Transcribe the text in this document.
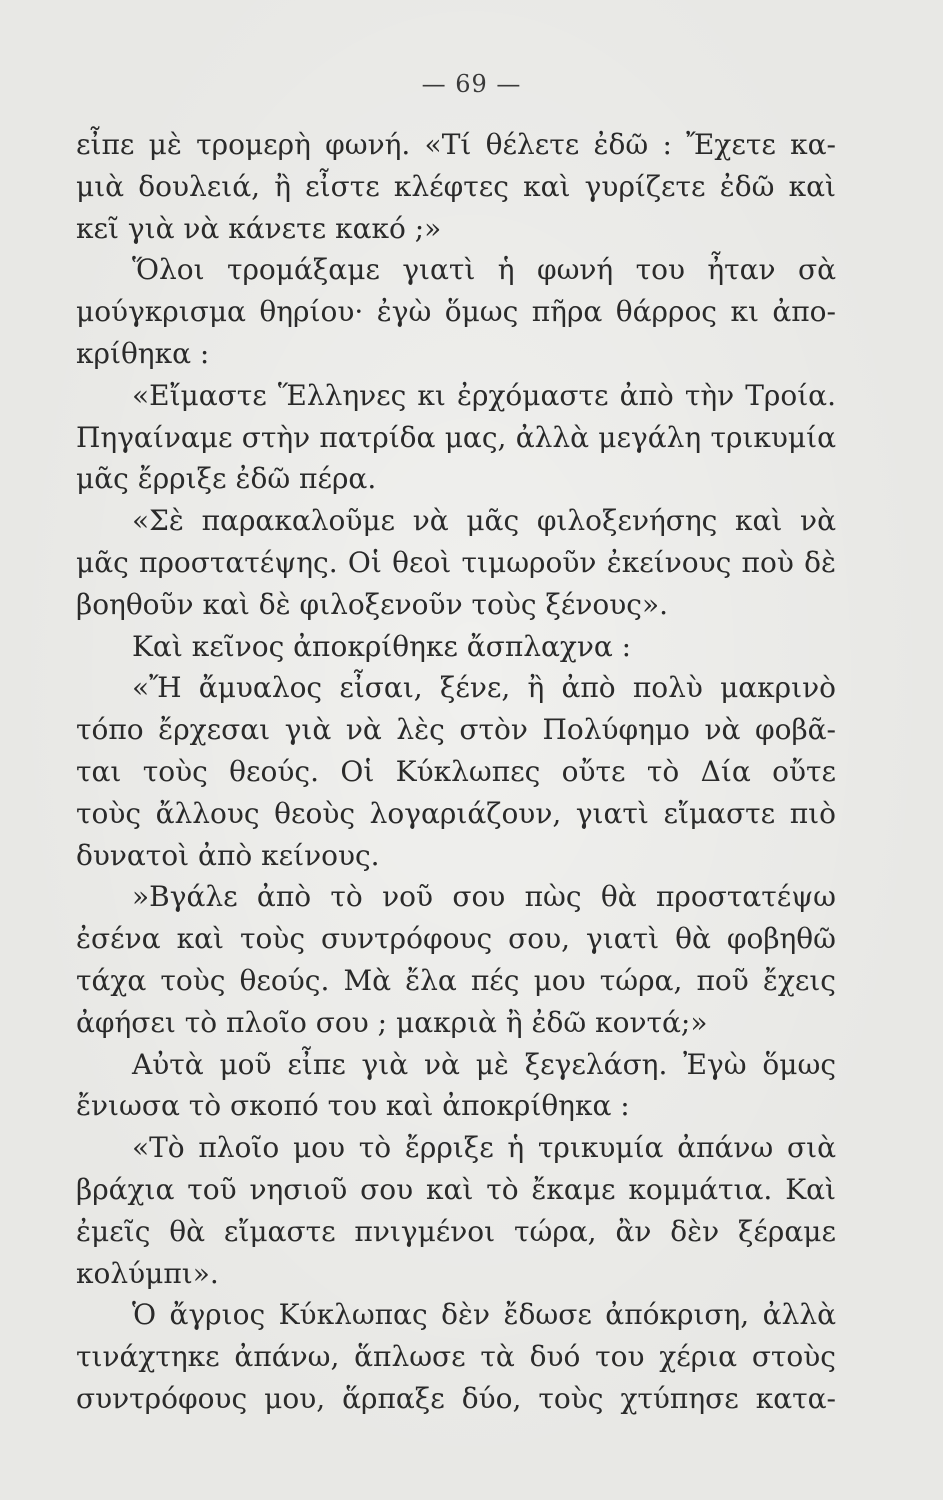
— 69 —
εἶπε μὲ τρομερὴ φωνή. «Τί θέλετε ἐδῶ : Ἔχετε κα-
μιὰ δουλειά, ἢ εἶστε κλέφτες καὶ γυρίζετε ἐδῶ καὶ
κεῖ γιὰ νὰ κάνετε κακό ;»
Ὅλοι τρομάξαμε γιατὶ ἡ φωνή του ἦταν σὰ
μούγκρισμα θηρίου· ἐγὼ ὅμως πῆρα θάρρος κι ἀπο-
κρίθηκα :
«Εἴμαστε Ἕλληνες κι ἐρχόμαστε ἀπὸ τὴν Τροία.
Πηγαίναμε στὴν πατρίδα μας, ἀλλὰ μεγάλη τρικυμία
μᾶς ἔρριξε ἐδῶ πέρα.
«Σὲ παρακαλοῦμε νὰ μᾶς φιλοξενήσης καὶ νὰ
μᾶς προστατέψης. Οἱ θεοὶ τιμωροῦν ἐκείνους ποὺ δὲ
βοηθοῦν καὶ δὲ φιλοξενοῦν τοὺς ξένους».
Καὶ κεῖνος ἀποκρίθηκε ἄσπλαχνα :
«Ἤ ἄμυαλος εἶσαι, ξένε, ἢ ἀπὸ πολὺ μακρινὸ
τόπο ἔρχεσαι γιὰ νὰ λὲς στὸν Πολύφημο νὰ φοβᾶ-
ται τοὺς θεούς. Οἱ Κύκλωπες οὔτε τὸ Δία οὔτε
τοὺς ἄλλους θεοὺς λογαριάζουν, γιατὶ εἴμαστε πιὸ
δυνατοὶ ἀπὸ κείνους.
»Βγάλε ἀπὸ τὸ νοῦ σου πὼς θὰ προστατέψω
ἐσένα καὶ τοὺς συντρόφους σου, γιατὶ θὰ φοβηθῶ
τάχα τοὺς θεούς. Μὰ ἔλα πές μου τώρα, ποῦ ἔχεις
ἀφήσει τὸ πλοῖο σου ; μακριὰ ἢ ἐδῶ κοντά;»
Αὐτὰ μοῦ εἶπε γιὰ νὰ μὲ ξεγελάση. Ἐγὼ ὅμως
ἔνιωσα τὸ σκοπό του καὶ ἀποκρίθηκα :
«Τὸ πλοῖο μου τὸ ἔρριξε ἡ τρικυμία ἀπάνω σιὰ
βράχια τοῦ νησιοῦ σου καὶ τὸ ἔκαμε κομμάτια. Καὶ
ἐμεῖς θὰ εἴμαστε πνιγμένοι τώρα, ἂν δὲν ξέραμε
κολύμπι».
Ὁ ἄγριος Κύκλωπας δὲν ἔδωσε ἀπόκριση, ἀλλὰ
τινάχτηκε ἀπάνω, ἅπλωσε τὰ δυό του χέρια στοὺς
συντρόφους μου, ἅρπαξε δύο, τοὺς χτύπησε κατα-
